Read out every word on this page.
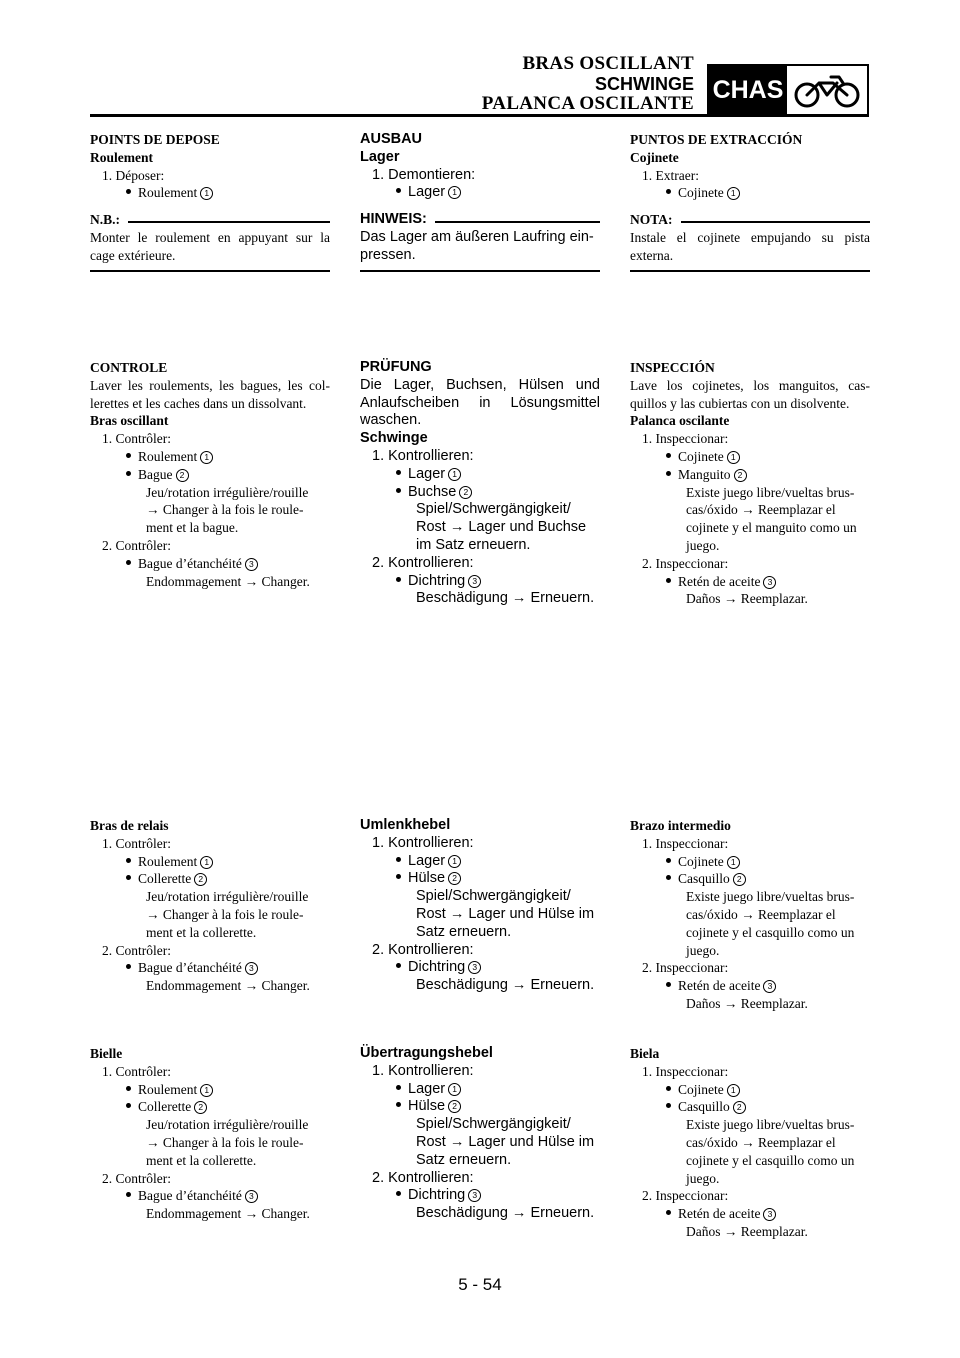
BRAS OSCILLANT
SCHWINGE
PALANCA OSCILANTE CHAS
POINTS DE DEPOSE
Roulement
1. Déposer:
Roulement 1
N.B.:
Monter le roulement en appuyant sur la cage extérieure.
CONTROLE
Laver les roulements, les bagues, les col-lerettes et les caches dans un dissolvant.
Bras oscillant
1. Contrôler:
Roulement 1
Bague 2
Jeu/rotation irrégulière/rouille
→ Changer à la fois le roule-
ment et la bague.
2. Contrôler:
Bague d’étanchéité 3
Endommagement → Changer.
Bras de relais
1. Contrôler:
Roulement 1
Collerette 2
Jeu/rotation irrégulière/rouille
→ Changer à la fois le roule-
ment et la collerette.
2. Contrôler:
Bague d’étanchéité 3
Endommagement → Changer.
Bielle
1. Contrôler:
Roulement 1
Collerette 2
Jeu/rotation irrégulière/rouille
→ Changer à la fois le roule-
ment et la collerette.
2. Contrôler:
Bague d’étanchéité 3
Endommagement → Changer.
AUSBAU
Lager
1. Demontieren:
Lager 1
HINWEIS:
Das Lager am äußeren Laufring ein-pressen.
PRÜFUNG
Die Lager, Buchsen, Hülsen und Anlaufscheiben in Lösungsmittel waschen.
Schwinge
1. Kontrollieren:
Lager 1
Buchse 2
Spiel/Schwergängigkeit/
Rost → Lager und Buchse
im Satz erneuern.
2. Kontrollieren:
Dichtring 3
Beschädigung → Erneuern.
Umlenkhebel
1. Kontrollieren:
Lager 1
Hülse 2
Spiel/Schwergängigkeit/
Rost → Lager und Hülse im
Satz erneuern.
2. Kontrollieren:
Dichtring 3
Beschädigung → Erneuern.
Übertragungshebel
1. Kontrollieren:
Lager 1
Hülse 2
Spiel/Schwergängigkeit/
Rost → Lager und Hülse im
Satz erneuern.
2. Kontrollieren:
Dichtring 3
Beschädigung → Erneuern.
PUNTOS DE EXTRACCIÓN
Cojinete
1. Extraer:
Cojinete 1
NOTA:
Instale el cojinete empujando su pista externa.
INSPECCIÓN
Lave los cojinetes, los manguitos, cas-quillos y las cubiertas con un disolvente.
Palanca oscilante
1. Inspeccionar:
Cojinete 1
Manguito 2
Existe juego libre/vueltas brus-
cas/óxido → Reemplazar el
cojinete y el manguito como un
juego.
2. Inspeccionar:
Retén de aceite 3
Daños → Reemplazar.
Brazo intermedio
1. Inspeccionar:
Cojinete 1
Casquillo 2
Existe juego libre/vueltas brus-
cas/óxido → Reemplazar el
cojinete y el casquillo como un
juego.
2. Inspeccionar:
Retén de aceite 3
Daños → Reemplazar.
Biela
1. Inspeccionar:
Cojinete 1
Casquillo 2
Existe juego libre/vueltas brus-
cas/óxido → Reemplazar el
cojinete y el casquillo como un
juego.
2. Inspeccionar:
Retén de aceite 3
Daños → Reemplazar.
5 - 54
